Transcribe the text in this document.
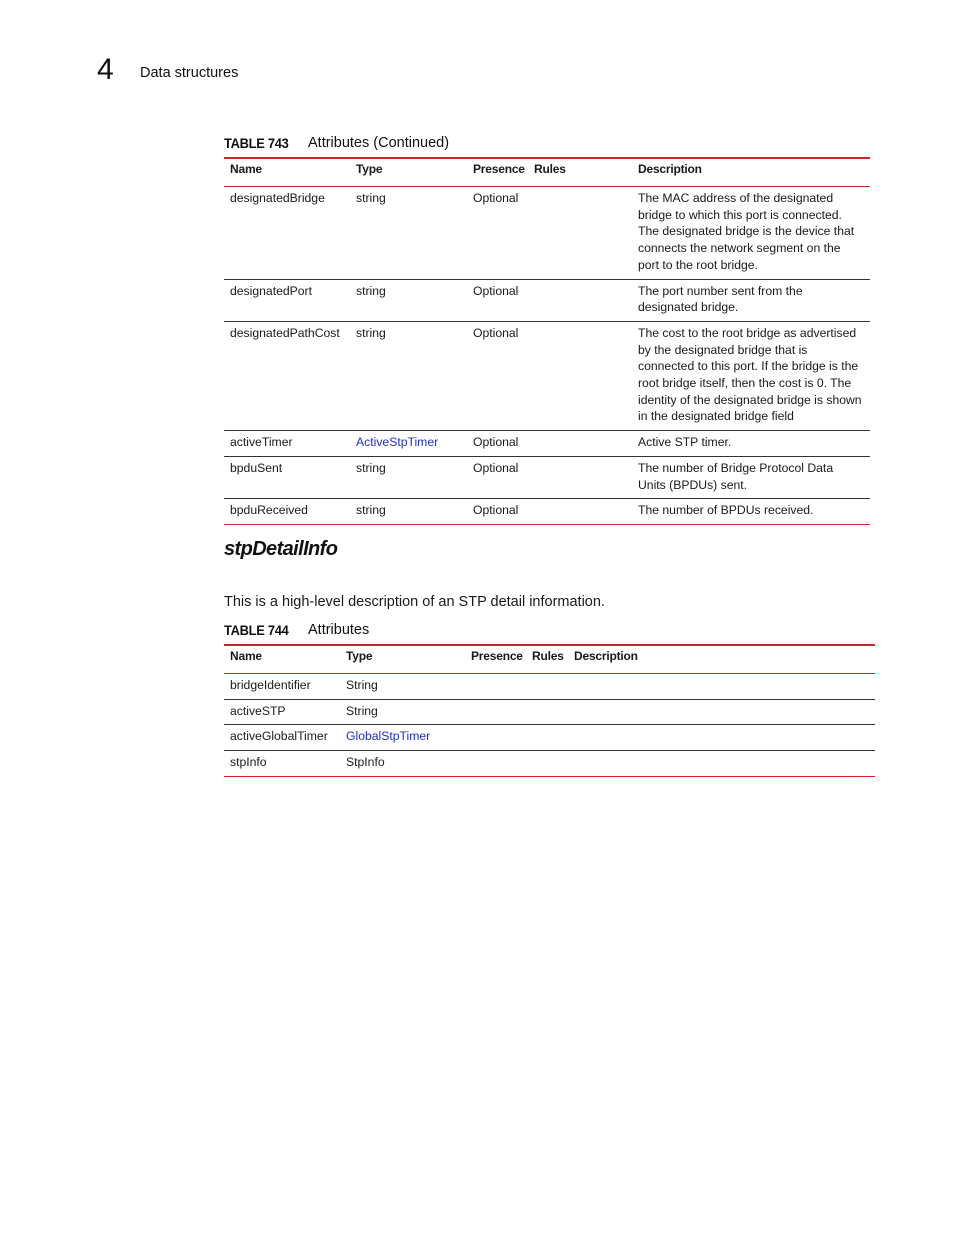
4 Data structures
TABLE 743 Attributes (Continued)
Name	Type	Presence	Rules	Description
designatedBridge	string	Optional		The MAC address of the designated bridge to which this port is connected. The designated bridge is the device that connects the network segment on the port to the root bridge.
designatedPort	string	Optional		The port number sent from the designated bridge.
designatedPathCost	string	Optional		The cost to the root bridge as advertised by the designated bridge that is connected to this port. If the bridge is the root bridge itself, then the cost is 0. The identity of the designated bridge is shown in the designated bridge field
activeTimer	ActiveStpTimer	Optional		Active STP timer.
bpduSent	string	Optional		The number of Bridge Protocol Data Units (BPDUs) sent.
bpduReceived	string	Optional		The number of BPDUs received.
stpDetailInfo
This is a high-level description of an STP detail information.
TABLE 744 Attributes
Name	Type	Presence	Rules	Description
bridgeIdentifier	String			
activeSTP	String			
activeGlobalTimer	GlobalStpTimer			
stpInfo	StpInfo			
